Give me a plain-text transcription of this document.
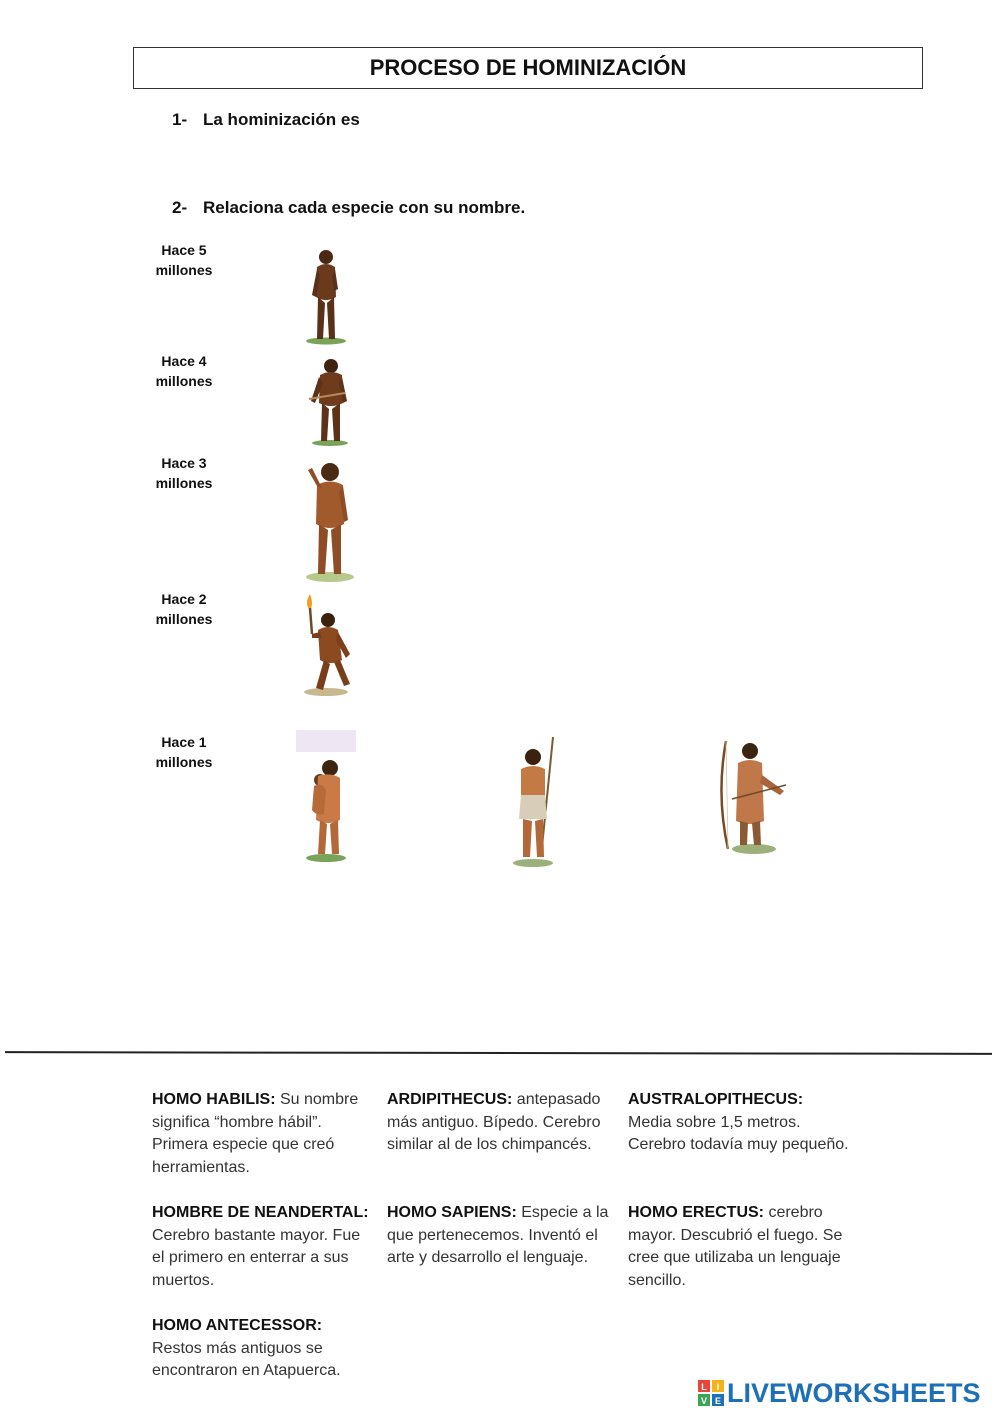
PROCESO DE HOMINIZACIÓN
1- La hominización es
2- Relaciona cada especie con su nombre.
Hace 5
millones
Hace 4
millones
Hace 3
millones
Hace 2
millones
Hace 1
millones
HOMO HABILIS: Su nombre significa “hombre hábil”. Primera especie que creó herramientas.
ARDIPITHECUS: antepasado más antiguo. Bípedo. Cerebro similar al de los chimpancés.
AUSTRALOPITHECUS: Media sobre 1,5 metros. Cerebro todavía muy pequeño.
HOMBRE DE NEANDERTAL: Cerebro bastante mayor. Fue el primero en enterrar a sus muertos.
HOMO SAPIENS: Especie a la que pertenecemos. Inventó el arte y desarrollo el lenguaje.
HOMO ERECTUS: cerebro mayor. Descubrió el fuego. Se cree que utilizaba un lenguaje sencillo.
HOMO ANTECESSOR: Restos más antiguos se encontraron en Atapuerca.
L I
V E LIVEWORKSHEETS
